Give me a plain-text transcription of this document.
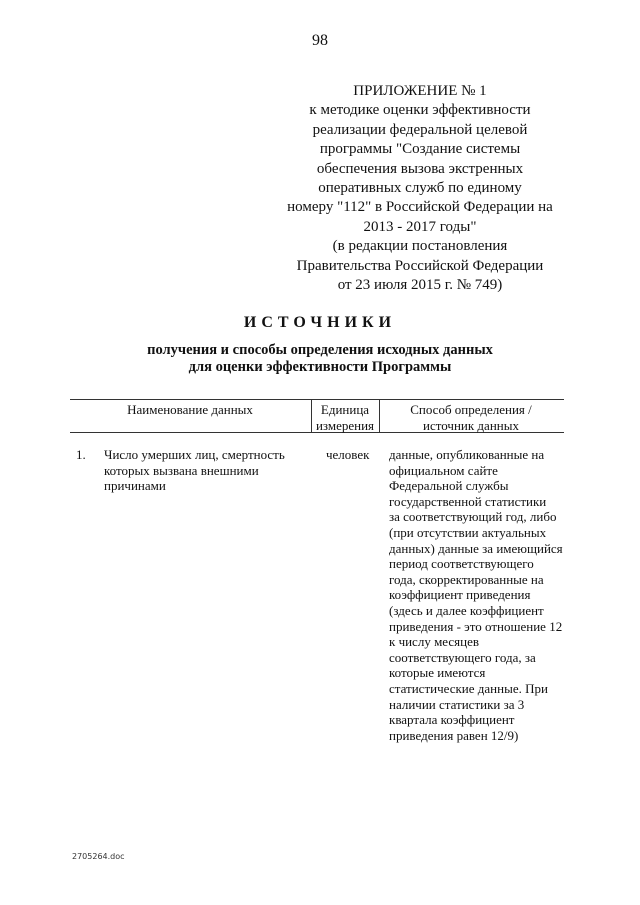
98
ПРИЛОЖЕНИЕ № 1
к методике оценки эффективности
реализации федеральной целевой
программы "Создание системы
обеспечения вызова экстренных
оперативных служб по единому
номеру "112" в Российской Федерации на
2013 - 2017 годы"
(в редакции постановления
Правительства Российской Федерации
от 23 июля 2015 г. № 749)
ИСТОЧНИКИ
получения и способы определения исходных данных
для оценки эффективности Программы
Наименование данных	Единица
измерения
Способ определения /
источник данных
1. Число умерших лиц, смертность
которых вызвана внешними
причинами
человек данные, опубликованные на
официальном сайте
Федеральной службы
государственной статистики
за соответствующий год, либо
(при отсутствии актуальных
данных) данные за имеющийся
период соответствующего
года, скорректированные на
коэффициент приведения
(здесь и далее коэффициент
приведения - это отношение 12
к числу месяцев
соответствующего года, за
которые имеются
статистические данные. При
наличии статистики за 3
квартала коэффициент
приведения равен 12/9)
2705264.doc
